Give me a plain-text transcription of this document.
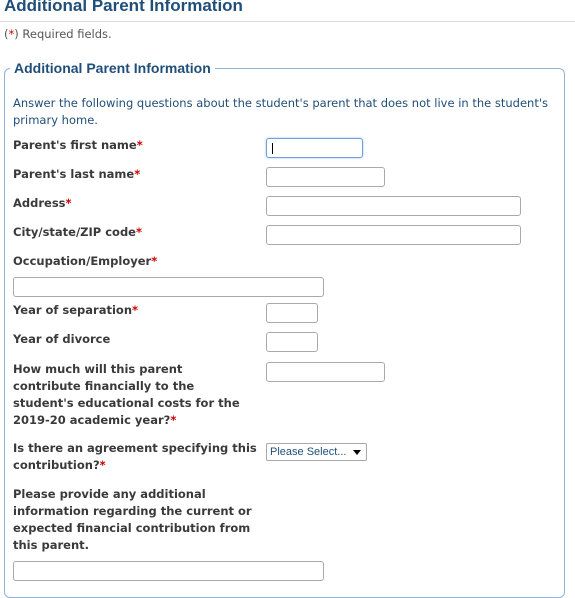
Additional Parent Information
(*) Required fields.
Additional Parent Information
Answer the following questions about the student's parent that does not live in the student's primary home.
Parent's first name*
Parent's last name*
Address*
City/state/ZIP code*
Occupation/Employer*
Year of separation*
Year of divorce
How much will this parent contribute financially to the student's educational costs for the 2019-20 academic year?*
Is there an agreement specifying this contribution?*
Please Select...
Please provide any additional information regarding the current or expected financial contribution from this parent.
